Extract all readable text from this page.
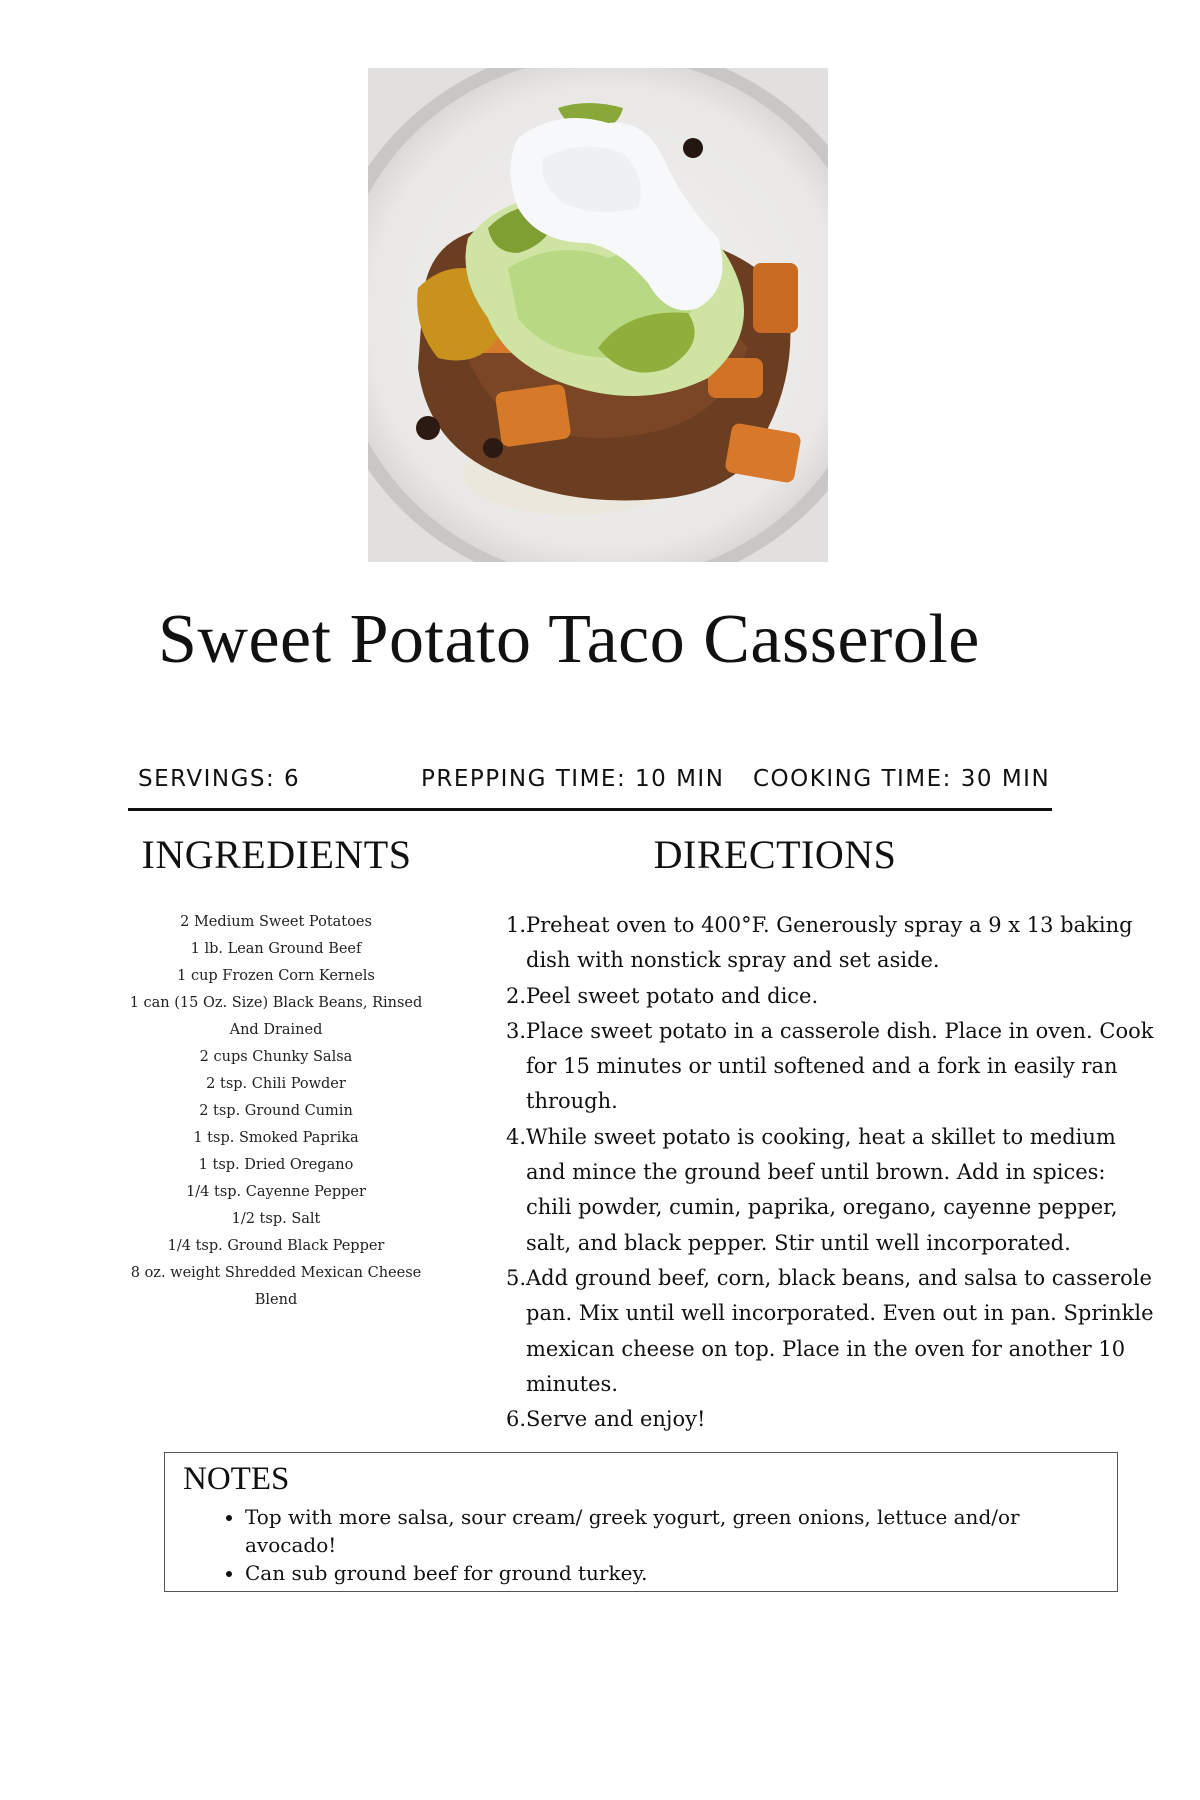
Sweet Potato Taco Casserole
SERVINGS: 6	PREPPING TIME: 10 MIN COOKING TIME: 30 MIN
INGREDIENTS	DIRECTIONS
2 Medium Sweet Potatoes
1 lb. Lean Ground Beef
1 cup Frozen Corn Kernels
1 can (15 Oz. Size) Black Beans, Rinsed And Drained
2 cups Chunky Salsa
2 tsp. Chili Powder
2 tsp. Ground Cumin
1 tsp. Smoked Paprika
1 tsp. Dried Oregano
1/4 tsp. Cayenne Pepper
1/2 tsp. Salt
1/4 tsp. Ground Black Pepper
8 oz. weight Shredded Mexican Cheese Blend
1. Preheat oven to 400°F. Generously spray a 9 x 13 baking dish with nonstick spray and set aside.
2. Peel sweet potato and dice.
3. Place sweet potato in a casserole dish. Place in oven. Cook for 15 minutes or until softened and a fork in easily ran through.
4. While sweet potato is cooking, heat a skillet to medium and mince the ground beef until brown. Add in spices: chili powder, cumin, paprika, oregano, cayenne pepper, salt, and black pepper. Stir until well incorporated.
5. Add ground beef, corn, black beans, and salsa to casserole pan. Mix until well incorporated. Even out in pan. Sprinkle mexican cheese on top. Place in the oven for another 10 minutes.
6. Serve and enjoy!
NOTES
• Top with more salsa, sour cream/ greek yogurt, green onions, lettuce and/or avocado!
• Can sub ground beef for ground turkey.
